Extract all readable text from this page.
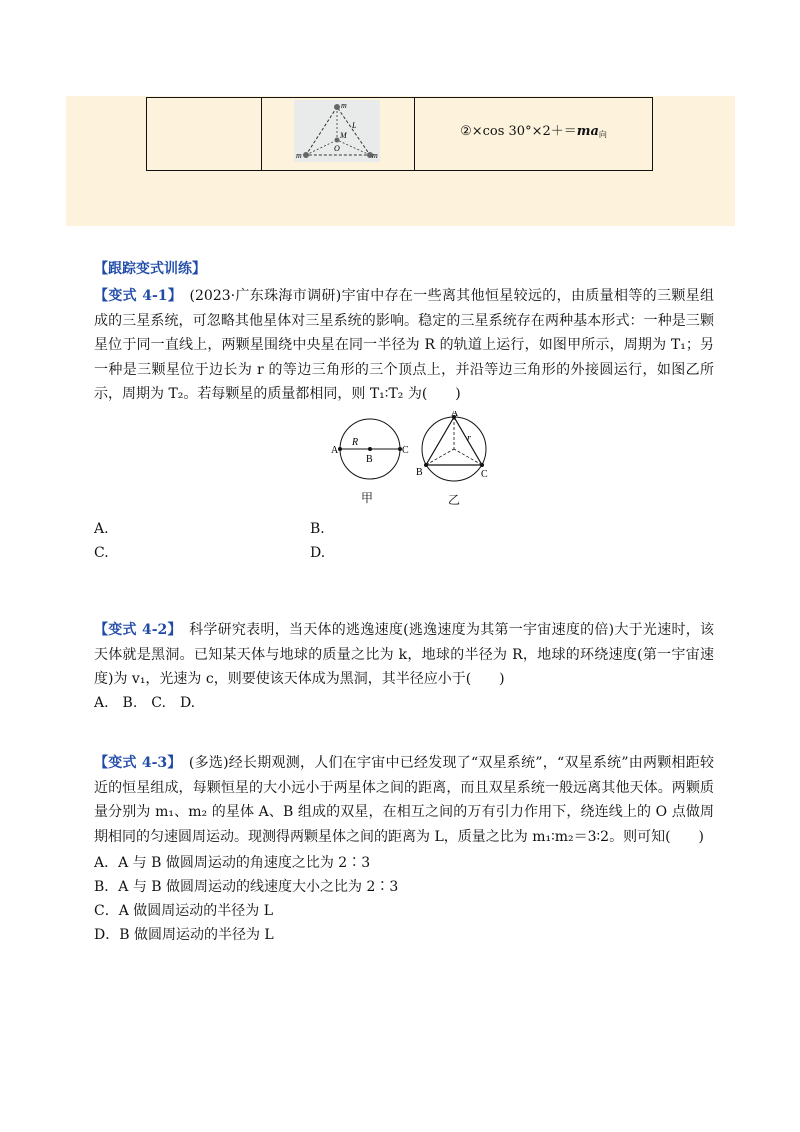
m
L
M
O
m	m
②×cos $30^\circ\times 2+=ma_向$

【跟踪变式训练】

【变式 4-1】　 (2023·广东珠海市调研)宇宙中存在一些离其他恒星较远的，由质量相等的三颗星组成的三星系统，可忽略其他星体对三星系统的影响。稳定的三星系统存在两种基本形式：一种是三颗星位于同一直线上，两颗星围绕中央星在同一半径为 R 的轨道上运行，如图甲所示，周期为 T₁；另一种是三颗星位于边长为 r 的等边三角形的三个顶点上，并沿等边三角形的外接圆运行，如图乙所示，周期为 T₂。若每颗星的质量都相同，则 T₁∶T₂ 为(　　)

A
B
C
R
A
B	C
r
甲	乙

A.	B.

C.	D.

【变式 4-2】　 科学研究表明，当天体的逃逸速度(逃逸速度为其第一宇宙速度的倍)大于光速时，该天体就是黑洞。已知某天体与地球的质量之比为 k，地球的半径为 R，地球的环绕速度(第一宇宙速度)为 v₁，光速为 c，则要使该天体成为黑洞，其半径应小于(　　)

A.　B.　C.　D.

【变式 4-3】　 (多选)经长期观测，人们在宇宙中已经发现了“双星系统”，“双星系统”由两颗相距较近的恒星组成，每颗恒星的大小远小于两星体之间的距离，而且双星系统一般远离其他天体。两颗质量分别为 m₁、m₂ 的星体 A、B 组成的双星，在相互之间的万有引力作用下，绕连线上的 O 点做周期相同的匀速圆周运动。现测得两颗星体之间的距离为 L，质量之比为 m₁∶m₂＝3∶2。则可知(　　)

A．A 与 B 做圆周运动的角速度之比为 2∶3

B．A 与 B 做圆周运动的线速度大小之比为 2∶3

C．A 做圆周运动的半径为 L

D．B 做圆周运动的半径为 L
